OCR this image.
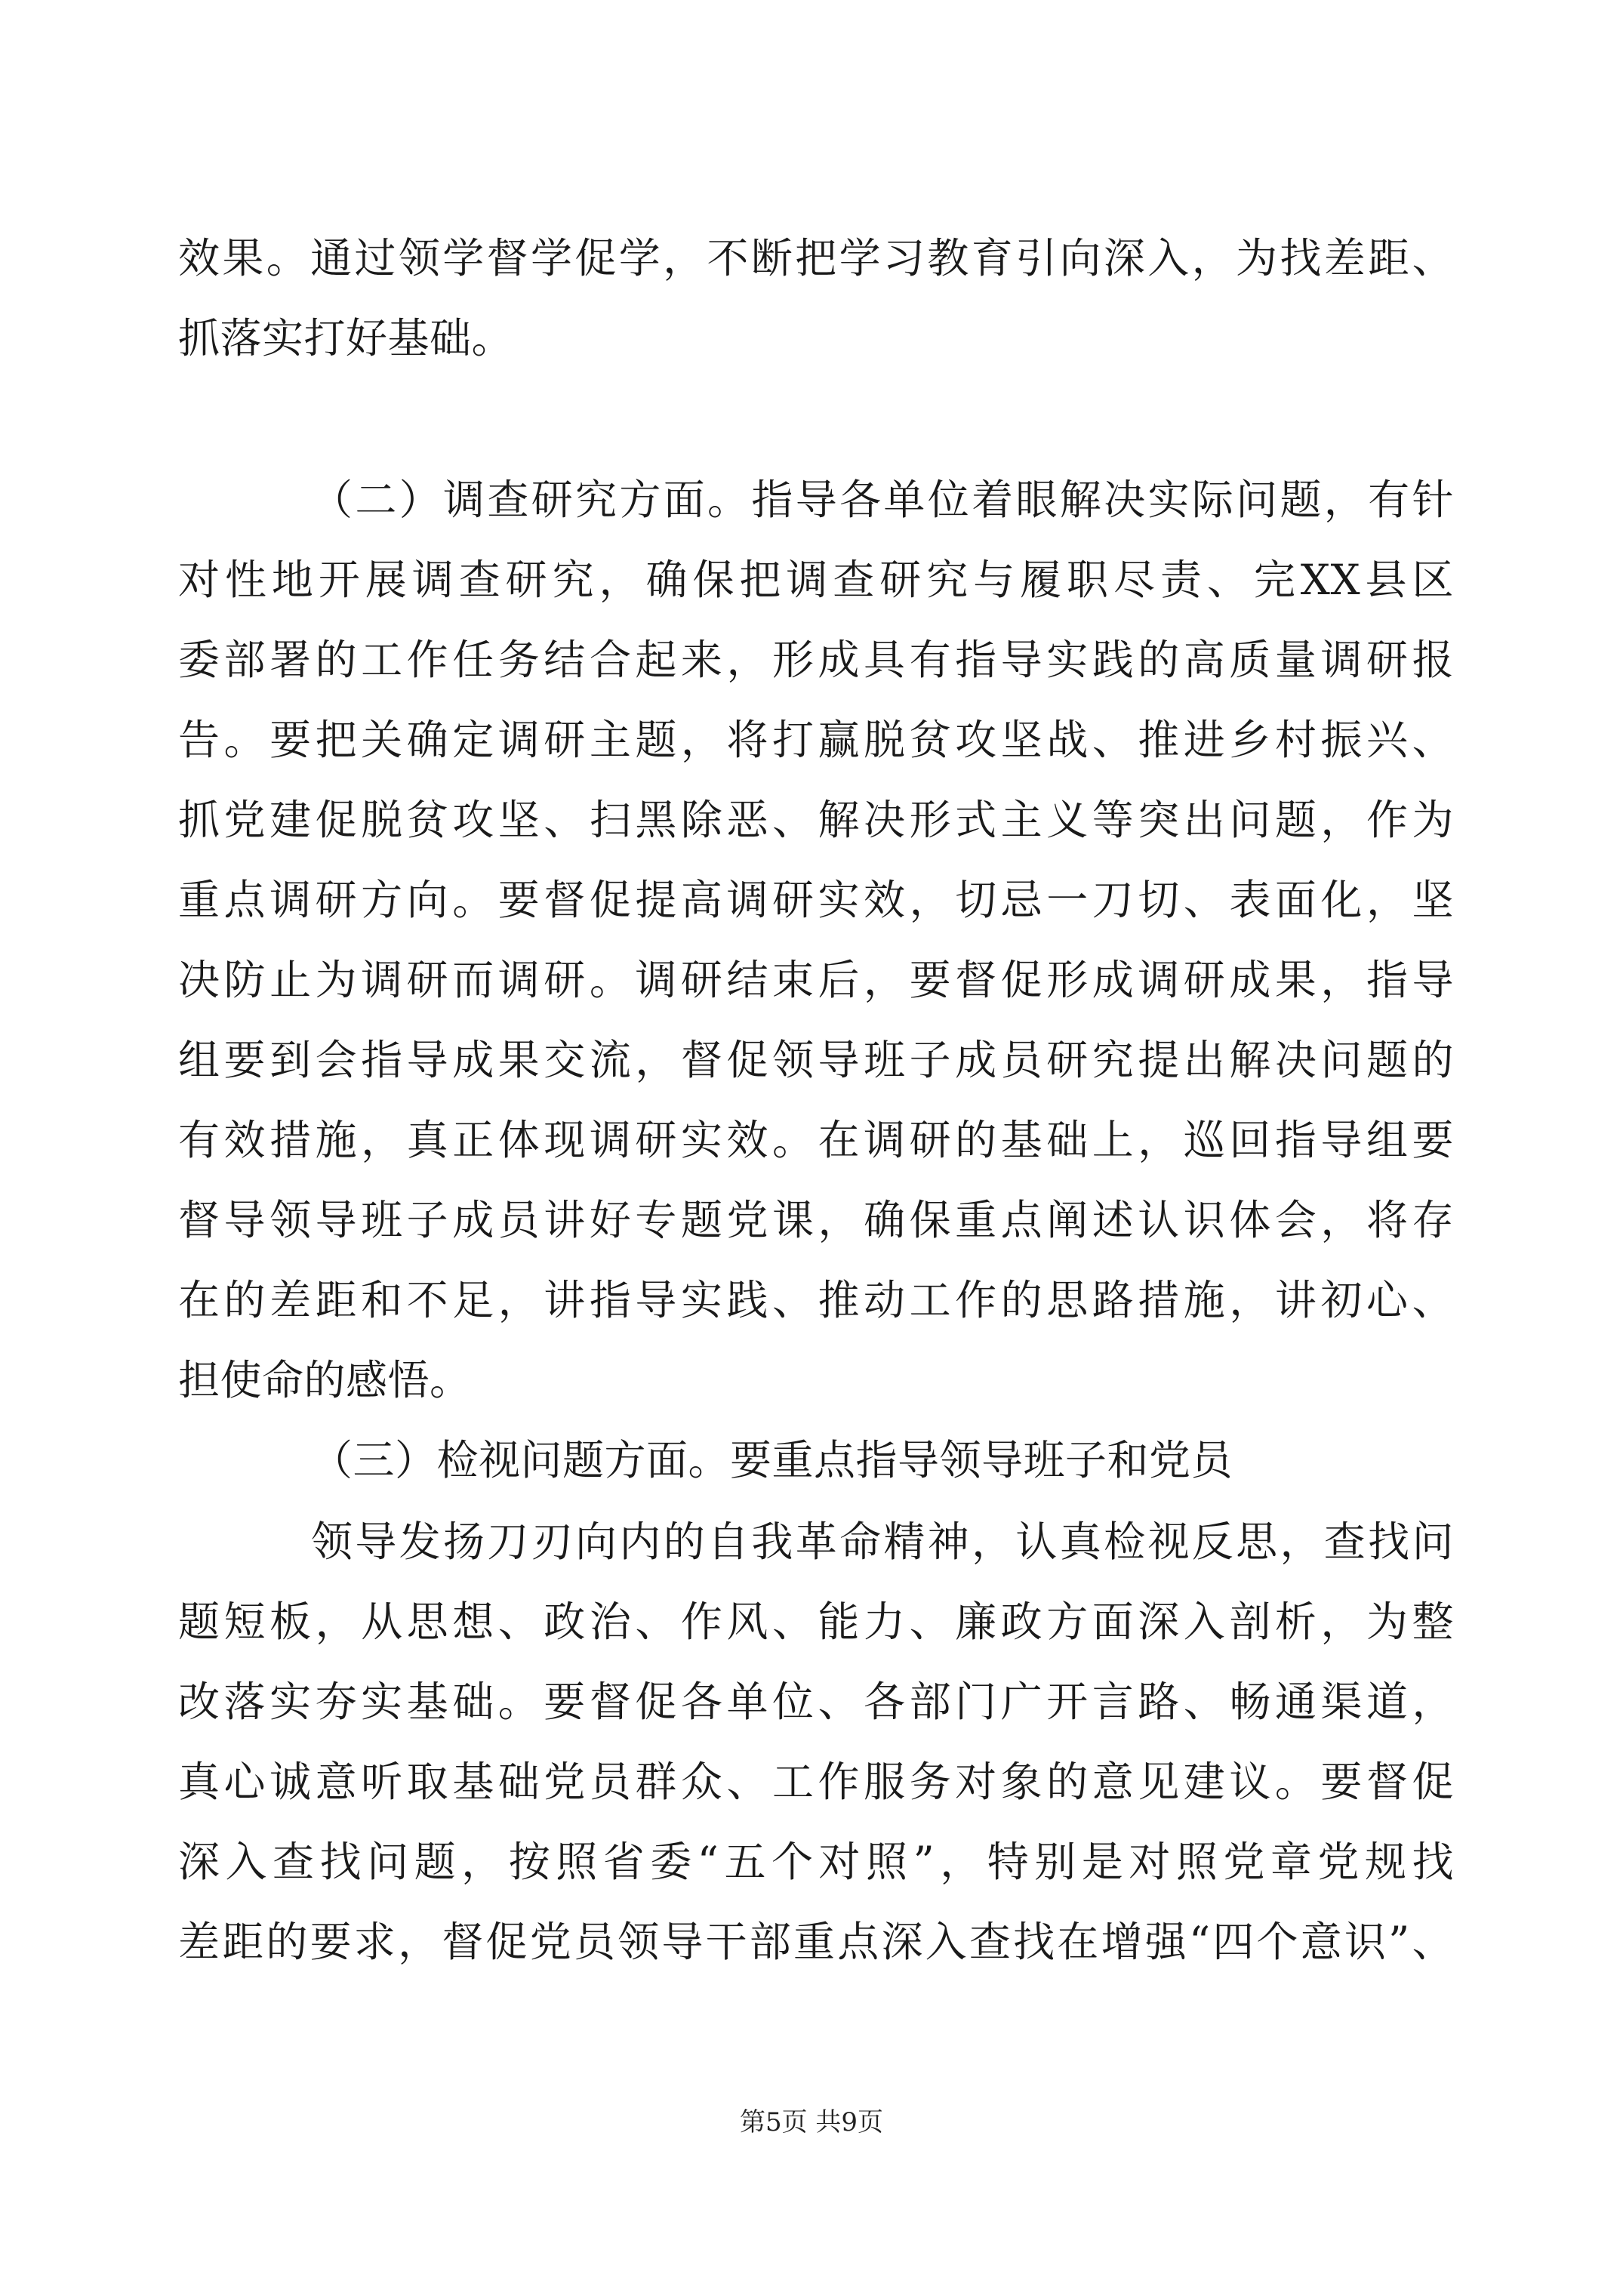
效果。通过领学督学促学，不断把学习教育引向深入，为找差距、
抓落实打好基础。
（二）调查研究方面。指导各单位着眼解决实际问题，有针
对性地开展调查研究，确保把调查研究与履职尽责、完XX县区
委部署的工作任务结合起来，形成具有指导实践的高质量调研报
告。要把关确定调研主题，将打赢脱贫攻坚战、推进乡村振兴、
抓党建促脱贫攻坚、扫黑除恶、解决形式主义等突出问题，作为
重点调研方向。要督促提高调研实效，切忌一刀切、表面化，坚
决防止为调研而调研。调研结束后，要督促形成调研成果，指导
组要到会指导成果交流，督促领导班子成员研究提出解决问题的
有效措施，真正体现调研实效。在调研的基础上，巡回指导组要
督导领导班子成员讲好专题党课，确保重点阐述认识体会，将存
在的差距和不足，讲指导实践、推动工作的思路措施，讲初心、
担使命的感悟。
（三）检视问题方面。要重点指导领导班子和党员
领导发扬刀刃向内的自我革命精神，认真检视反思，查找问
题短板，从思想、政治、作风、能力、廉政方面深入剖析，为整
改落实夯实基础。要督促各单位、各部门广开言路、畅通渠道，
真心诚意听取基础党员群众、工作服务对象的意见建议。要督促
深入查找问题，按照省委“五个对照”，特别是对照党章党规找
差距的要求，督促党员领导干部重点深入查找在增强“四个意识”、
第5页 共9页
